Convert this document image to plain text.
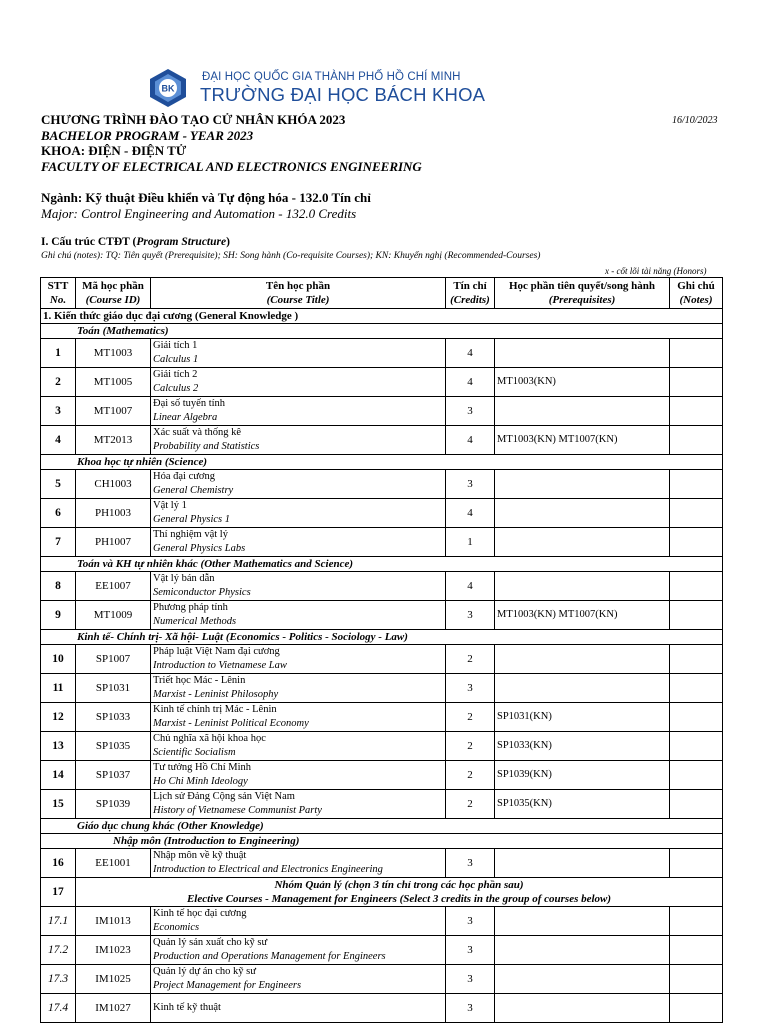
BK
ĐẠI HỌC QUỐC GIA THÀNH PHỐ HỒ CHÍ MINH
TRƯỜNG ĐẠI HỌC BÁCH KHOA
CHƯƠNG TRÌNH ĐÀO TẠO CỬ NHÂN KHÓA 2023
BACHELOR PROGRAM - YEAR 2023
KHOA: ĐIỆN - ĐIỆN TỬ
FACULTY OF ELECTRICAL AND ELECTRONICS ENGINEERING
16/10/2023
Ngành: Kỹ thuật Điều khiển và Tự động hóa - 132.0 Tín chỉ
Major: Control Engineering and Automation - 132.0 Credits
I. Cấu trúc CTĐT (Program Structure)
Ghi chú (notes): TQ: Tiên quyết (Prerequisite); SH: Song hành (Co-requisite Courses); KN: Khuyến nghị (Recommended-Courses)
x - cốt lõi tài năng (Honors)
STT
No.	Mã học phần
(Course ID)	Tên học phần
(Course Title)	Tín chỉ
(Credits)	Học phần tiên quyết/song hành
(Prerequisites)	Ghi chú
(Notes)
1. Kiến thức giáo dục đại cương (General Knowledge )					
Toán (Mathematics)					
1	MT1003	Giải tích 1
Calculus 1	4		
2	MT1005	Giải tích 2
Calculus 2	4	MT1003(KN)	
3	MT1007	Đại số tuyến tính
Linear Algebra	3		
4	MT2013	Xác suất và thống kê
Probability and Statistics	4	MT1003(KN) MT1007(KN)	
Khoa học tự nhiên (Science)					
5	CH1003	Hóa đại cương
General Chemistry	3		
6	PH1003	Vật lý 1
General Physics 1	4		
7	PH1007	Thí nghiệm vật lý
General Physics Labs	1		
Toán và KH tự nhiên khác (Other Mathematics and Science)					
8	EE1007	Vật lý bán dẫn
Semiconductor Physics	4		
9	MT1009	Phương pháp tính
Numerical Methods	3	MT1003(KN) MT1007(KN)	
Kinh tế- Chính trị- Xã hội- Luật (Economics - Politics - Sociology - Law)					
10	SP1007	Pháp luật Việt Nam đại cương
Introduction to Vietnamese Law	2		
11	SP1031	Triết học Mác - Lênin
Marxist - Leninist Philosophy	3		
12	SP1033	Kinh tế chính trị Mác - Lênin
Marxist - Leninist Political Economy	2	SP1031(KN)	
13	SP1035	Chủ nghĩa xã hội khoa học
Scientific Socialism	2	SP1033(KN)	
14	SP1037	Tư tưởng Hồ Chí Minh
Ho Chi Minh Ideology	2	SP1039(KN)	
15	SP1039	Lịch sử Đảng Cộng sản Việt Nam
History of Vietnamese Communist Party	2	SP1035(KN)	
Giáo dục chung khác (Other Knowledge)					
Nhập môn (Introduction to Engineering)					
16	EE1001	Nhập môn về kỹ thuật
Introduction to Electrical and Electronics Engineering	3		
17	Nhóm Quản lý (chọn 3 tín chỉ trong các học phần sau)
Elective Courses - Management for Engineers (Select 3 credits in the group of courses below)				

17.1	IM1013	Kinh tế học đại cương
Economics	3		
17.2	IM1023	Quản lý sản xuất cho kỹ sư
Production and Operations Management for Engineers	3		
17.3	IM1025	Quản lý dự án cho kỹ sư
Project Management for Engineers	3		
17.4	IM1027	Kinh tế kỹ thuật	3		
